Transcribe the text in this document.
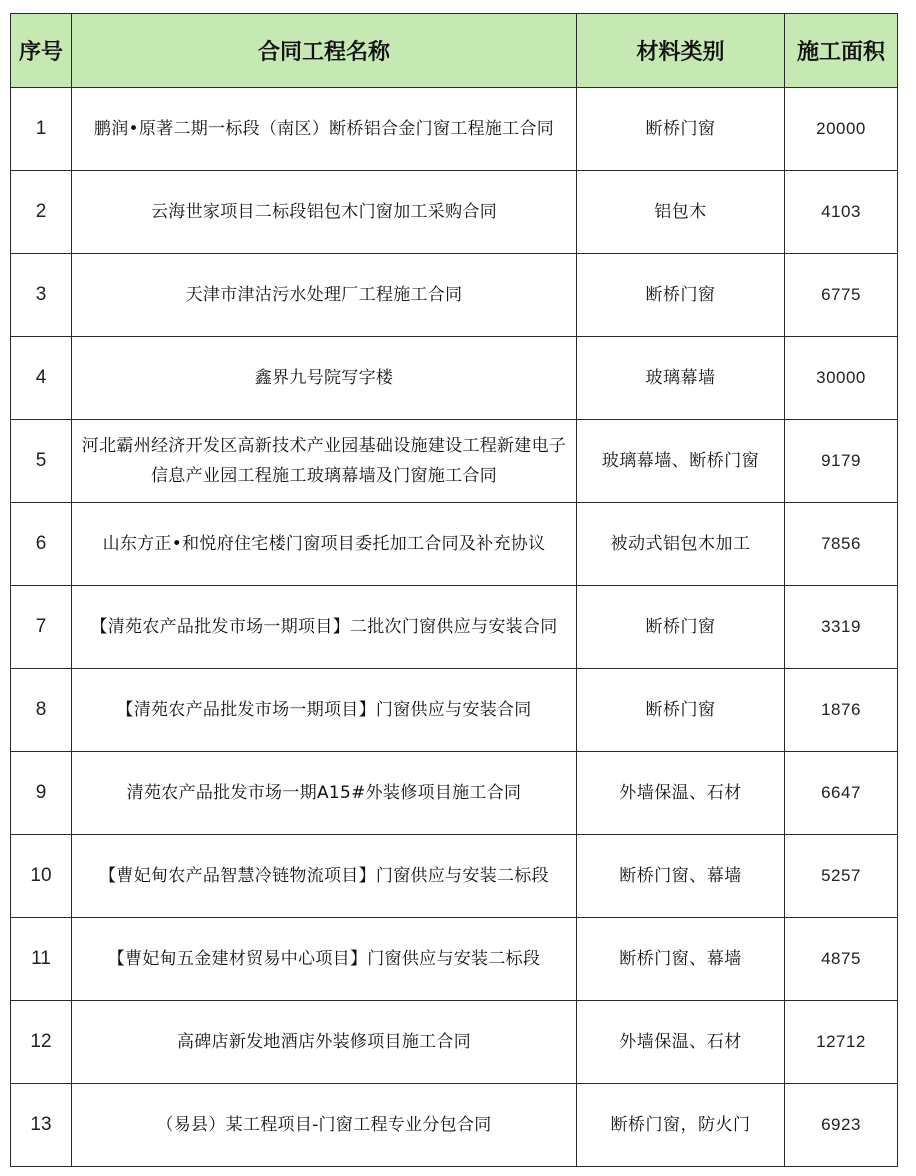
序号	合同工程名称	材料类别	施工面积
1	鹏润•原著二期一标段（南区）断桥铝合金门窗工程施工合同	断桥门窗	20000
2	云海世家项目二标段铝包木门窗加工采购合同	铝包木	4103
3	天津市津沽污水处理厂工程施工合同	断桥门窗	6775
4	鑫界九号院写字楼	玻璃幕墙	30000
5	河北霸州经济开发区高新技术产业园基础设施建设工程新建电子信息产业园工程施工玻璃幕墙及门窗施工合同	玻璃幕墙、断桥门窗	9179
6	山东方正•和悦府住宅楼门窗项目委托加工合同及补充协议	被动式铝包木加工	7856
7	【清苑农产品批发市场一期项目】二批次门窗供应与安装合同	断桥门窗	3319
8	【清苑农产品批发市场一期项目】门窗供应与安装合同	断桥门窗	1876
9	清苑农产品批发市场一期A15#外装修项目施工合同	外墙保温、石材	6647
10	【曹妃甸农产品智慧冷链物流项目】门窗供应与安装二标段	断桥门窗、幕墙	5257
11	【曹妃甸五金建材贸易中心项目】门窗供应与安装二标段	断桥门窗、幕墙	4875
12	高碑店新发地酒店外装修项目施工合同	外墙保温、石材	12712
13	（易县）某工程项目-门窗工程专业分包合同	断桥门窗，防火门	6923
